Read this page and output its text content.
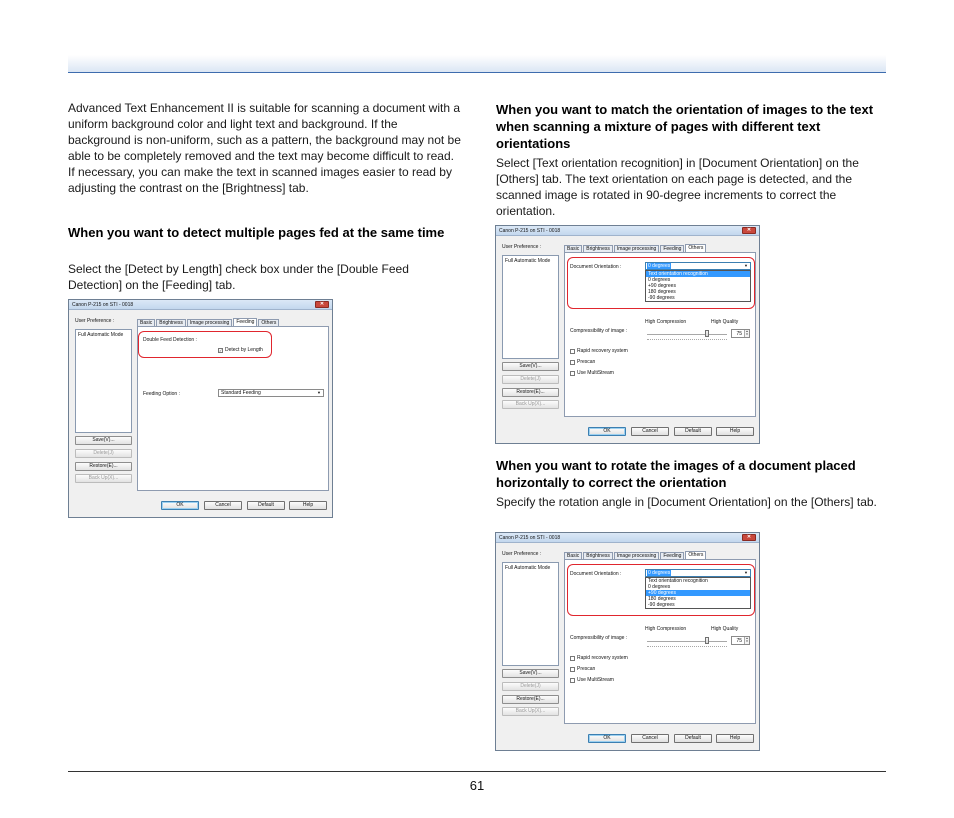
Advanced Text Enhancement II is suitable for scanning a document with a uniform background color and light text and background. If the background is non-uniform, such as a pattern, the background may not be able to be completely removed and the text may become difficult to read. If necessary, you can make the text in scanned images easier to read by adjusting the contrast on the [Brightness] tab.

When you want to detect multiple pages fed at the same time

Select the [Detect by Length] check box under the [Double Feed Detection] on the [Feeding] tab.

Canon P-215 on STI - 0018	✕
User Preference :
Full Automatic Mode
Save(V)...
Delete(J)
Restore(E)...
Back Up(X)...
Basic	Brightness	Image processing	Feeding	Others
Double Feed Detection :
✓ Detect by Length
Feeding Option :	Standard Feeding	▼
OK	Cancel	Default	Help
When you want to match the orientation of images to the text when scanning a mixture of pages with different text orientations

Select [Text orientation recognition] in [Document Orientation] on the [Others] tab. The text orientation on each page is detected, and the scanned image is rotated in 90-degree increments to correct the orientation.

Canon P-215 on STI - 0018	✕
User Preference :
Full Automatic Mode
Save(V)...
Delete(J)
Restore(E)...
Back Up(X)...
Basic	Brightness	Image processing	Feeding	Others
Document Orientation :	0 degrees	▼
Text orientation recognition
0 degrees
+90 degrees
180 degrees
-90 degrees
High Compression	High Quality
Compressibility of image :	75	▴
▾
Rapid recovery system
Prescan
Use MultiStream
OK	Cancel	Default	Help
When you want to rotate the images of a document placed horizontally to correct the orientation

Specify the rotation angle in [Document Orientation] on the [Others] tab.

Canon P-215 on STI - 0018	✕
User Preference :
Full Automatic Mode
Save(V)...
Delete(J)
Restore(E)...
Back Up(X)...
Basic	Brightness	Image processing	Feeding	Others
Document Orientation :	0 degrees	▼
Text orientation recognition
0 degrees
+90 degrees
180 degrees
-90 degrees
High Compression	High Quality
Compressibility of image :	75	▴
▾
Rapid recovery system
Prescan
Use MultiStream
OK	Cancel	Default	Help
61
